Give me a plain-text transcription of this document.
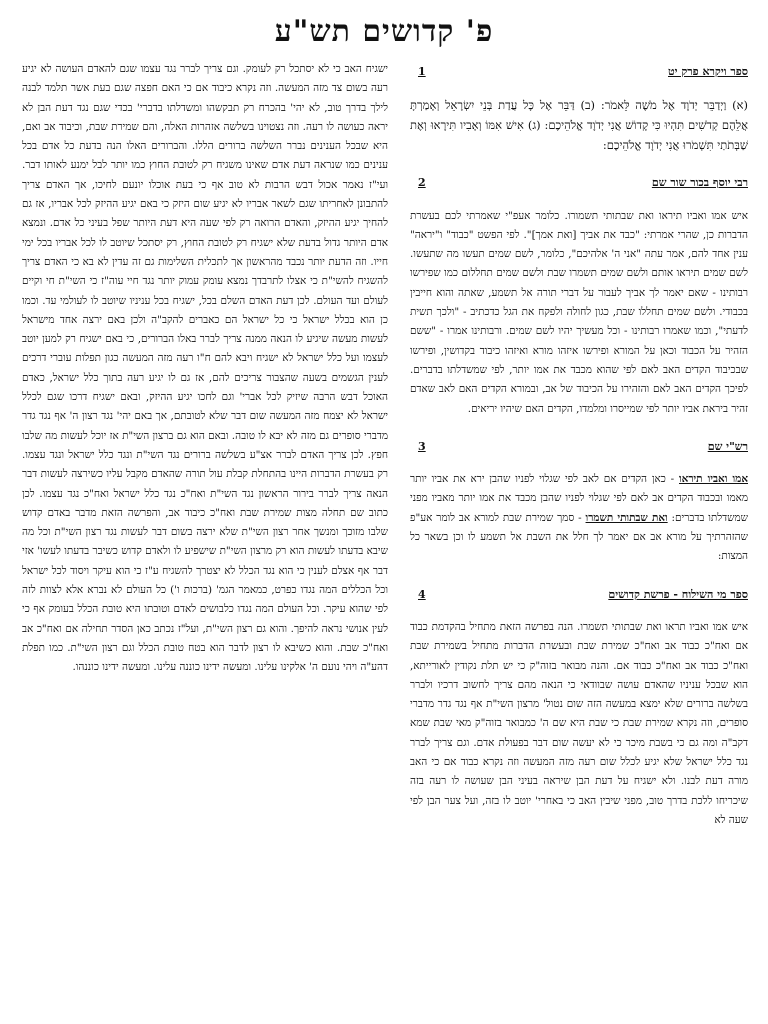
פ' קדושים תש"ע
ספר ויקרא פרק יט
1

(א) וַיְדַבֵּר יְדֹוָד אֶל מֹשֶׁה לֵּאמֹר: (ב) דַּבֵּר אֶל כָּל עֲדַת בְּנֵי יִשְׂרָאֵל וְאָמַרְתָּ אֲלֵהֶם קְדֹשִׁים תִּהְיוּ כִּי קָדוֹשׁ אֲנִי יְדֹוָד אֱלֹהֵיכֶם: (ג) אִישׁ אִמּוֹ וְאָבִיו תִּירָאוּ וְאֶת שַׁבְּתֹתַי תִּשְׁמֹרוּ אֲנִי יְדֹוָד אֱלֹהֵיכֶם:

רבי יוסף בכור שור שם
2

איש אמו ואביו תיראו ואת שבתותי תשמורו. כלומר אעפ"י שאמרתי לכם בעשרת הדברות כן, שהרי אמרתי: "כבד את אביך [ואת אמך]". לפי הפשט "כבוד" ו"יראה" ענין אחד להם, אמר עתה "אני ה' אלהיכם", כלומר, לשם שמים תעשו מה שתעשו. לשם שמים תיראו אותם ולשם שמים תשמרו שבת ולשם שמים תחללום כמו שפירשו רבותינו - שאם יאמר לך אביך לעבור על דברי תורה אל תשמע, שאתה והוא חייבין בכבודי. ולשם שמים תחללו שבת, כגון לחולה ולפקח את הגל כדכתיב - "ולכך תשית לדעתי", וכמו שאמרו רבותינו - וכל מעשיך יהיו לשם שמים. ורבותינו אמרו - "ששם הזהיר על הכבוד וכאן על המורא ופירשו איזהו מורא ואיזהו כיבוד בקדושין, ופירשו שבכיבוד הקדים האב לאם לפי שהוא מכבד את אמו יותר, לפי שמשדלתו בדברים. לפיכך הקדים האב לאם והזהירו על הכיבוד של אב, ובמורא הקדים האם לאב שאדם זהיר ביראת אביו יותר לפי שמייסרו ומלמדו, הקדים האם שיהיו יריאים.

רש"י שם
3

אמו ואביו תיראו - כאן הקדים אם לאב לפי שגלוי לפניו שהבן ירא את אביו יותר מאמו ובכבוד הקדים אב לאם לפי שגלוי לפניו שהבן מכבד את אמו יותר מאביו מפני שמשדלתו בדברים: ואת שבתותי תשמרו - סמך שמירת שבת למורא אב לומר אע"פ שהזהרתיך על מורא אב אם יאמר לך חלל את השבת אל תשמע לו וכן בשאר כל המצות:

ספר מי השילוח - פרשת קדושים
4

איש אמו ואביו תראו ואת שבתותי תשמרו. הנה בפרשה הזאת מתחיל בהקדמת כבוד אם ואח"כ כבוד אב ואח"כ שמירת שבת ובעשרת הדברות מתחיל בשמירת שבת ואח"כ כבוד אב ואח"כ כבוד אם. והנה מבואר בזוה"ק כי יש תלת נקודין לאורייתא, הוא שבכל עניניו שהאדם עושה שבוודאי כי הנאה מהם צריך לחשוב דרכיו ולברר בשלשה ברורים שלא ימצא במעשה הזה שום נטול' מרצון השי"ת אף נגד גדר מדברי סופרים, וזה נקרא שמירת שבת כי שבת היא שם ה' כמבואר בזוה"ק מאי שבת שמא דקב"ה ומה גם כי בשבת מיכר כי לא יעשה שום דבר בפעולת אדם. וגם צריך לברר נגד כלל ישראל שלא יגיע לכלל שום רעה מזה המעשה וזה נקרא כבוד אם כי האב מורה דעת לבנו. ולא ישגיח על דעת הבן שיראה בעיני הבן שעושה לו רעה בזה שיכריחו ללכת בדרך טוב, מפני שיבין האב כי באחרי' יוטב לו בזה, ועל צער הבן לפי שעה לא

ישגיח האב כי לא יסתכל רק לעומק. וגם צריך לברר נגד עצמו שגם להאדם העושה לא יגיע רעה בשום צד מזה המעשה. וזה נקרא כיבוד אם כי האם חפצה שגם בעת אשר תלמד לבנה לילך בדרך טוב, לא יהי' בהכרח רק תבקשהו ומשדלתו בדברי' בכדי שגם נגד דעת הבן לא יראה כעושה לו רעה. וזה נצטוינו בשלשה אזהרות האלה, והם שמירת שבת, וכיבוד אב ואם, היא שבכל הענינים נברר השלשה ברורים הללו. והברורים האלו הנה בדעת כל אדם בכל ענינים כמו שנראה דעת אדם שאינו משגיח רק לטובת החוץ כמו יותר לבל ימנע לאותו דבר. ועי"ז נאמר אכול דבש הרבות לא טוב אף כי בעת אוכלו יונעם לחיכו, אך האדם צריך להתבונן לאחריתו שגם לשאר אבריו לא יגיע שום היזק כי באם יגיע ההיזק לכל אבריו, אז גם להחיך יגיע ההיזק, והאדם הרואה רק לפי שעה היא דעת היותר שפל בעיני כל אדם. ונמצא אדם היותר גדול בדעת שלא ישגיח רק לטובת החוץ, רק יסתכל שיוטב לו לכל אבריו בכל ימי חייו. וזה הדעת יותר נכבד מהראשון אך לתכלית השלימות גם זה עדין לא בא כי האדם צריך להשגיח להשי"ת כי אצלו לתרבדך נמצא עומק עמוק יותר נגד חיי עוה"ז כי השי"ת חי וקיים לעולם ועד העולם. לכן דעת האדם השלם בכל, ישגיח בכל עניניו שיוטב לו לעולמי עד. וכמו כן הוא בכלל ישראל כי כל ישראל הם כאברים להקב"ה ולכן באם ירצה אחד מישראל לעשות מעשה שיגיע לו הנאה ממנה צריך לברר באלו הברורים, כי באם ישגיח רק למען יוטב לעצמו ועל כלל ישראל לא ישגיח ויבא להם ח"ו רעה מזה המעשה כגון תפלות עוברי דרכים לענין הגשמים בשעה שהצבור צריכים להם, אז גם לו יגיע רעה בתוך כלל ישראל, כאדם האוכל דבש הרבה שיזיק לכל אברי' וגם לחכו יגיע ההיזק, ובאם ישגיח דרכו שגם לכלל ישראל לא יצמח מזה המעשה שום דבר שלא לטובתם, אך באם יהי' נגד רצון ה' אף נגד גדר מדברי סופרים גם מזה לא יבא לו טובה. ובאם הוא גם ברצון השי"ת אז יוכל לעשות מה שלבו חפץ. לכן צריך האדם לברר אצ"ע בשלשה ברורים נגד השי"ת ונגד כלל ישראל ונגד עצמו. רק בעשרת הדברות היינו בהתחלת קבלת עול תורה שהאדם מקבל עליו כשירצה לעשות דבר הנאה צריך לברר בירור הראשון נגד השי"ת ואח"כ נגד כלל ישראל ואח"כ נגד עצמו. לכן כתוב שם תחלה מצות שמירת שבת ואח"כ כיבוד אב, והפרשה הזאת מדבר באדם קדוש שלבו מזוכך ומנשך אחר רצון השי"ת שלא ירצה בשום דבר לעשות נגד רצון השי"ת וכל מה שיבא בדעתו לעשות הוא רק מרצון השי"ת שישפיע לו ולאדם קדוש כשיבר בדעתו לעשו' אזי דבר אף אצלם לענין כי הוא נגד הכלל לא יצטרך להשגיח ע"ז כי הוא עיקר ויסוד לכל ישראל וכל הכללים המה נגדו כפרט, כמאמר הגמ' (ברכות ו') כל העולם לא נברא אלא לצוות לזה לפי שהוא עיקר. וכל העולם המה נגדו כלבושים לאדם וטובתו היא טובת הכלל בעומק אף כי לעין אנושי נראה להיפך. והוא גם רצון השי"ת, ועל"ז נכתב כאן הסדר תחילה אם ואח"כ אב ואח"כ שבת. והוא כשיבא לו רצון לדבר הוא בטח טובת הכלל וגם רצון השי"ת. כמו תפלת דהע"ה ויהי נועם ה' אלקינו עלינו. ומעשה ידינו כוננה עלינו. ומעשה ידינו כוננהו.
